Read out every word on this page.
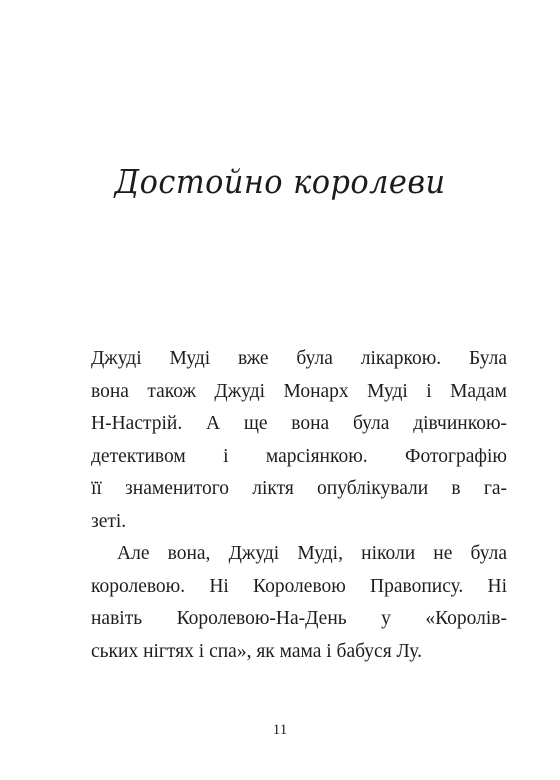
Достойно королеви
Джуді Муді вже була лікаркою. Була
вона також Джуді Монарх Муді і Мадам
Н-Настрій. А ще вона була дівчинкою-
детективом і марсіянкою. Фотографію
її знаменитого ліктя опублікували в га-
зеті.
Але вона, Джуді Муді, ніколи не була
королевою. Ні Королевою Правопису. Ні
навіть Королевою-На-День у «Королів-
ських нігтях і спа», як мама і бабуся Лу.
11
